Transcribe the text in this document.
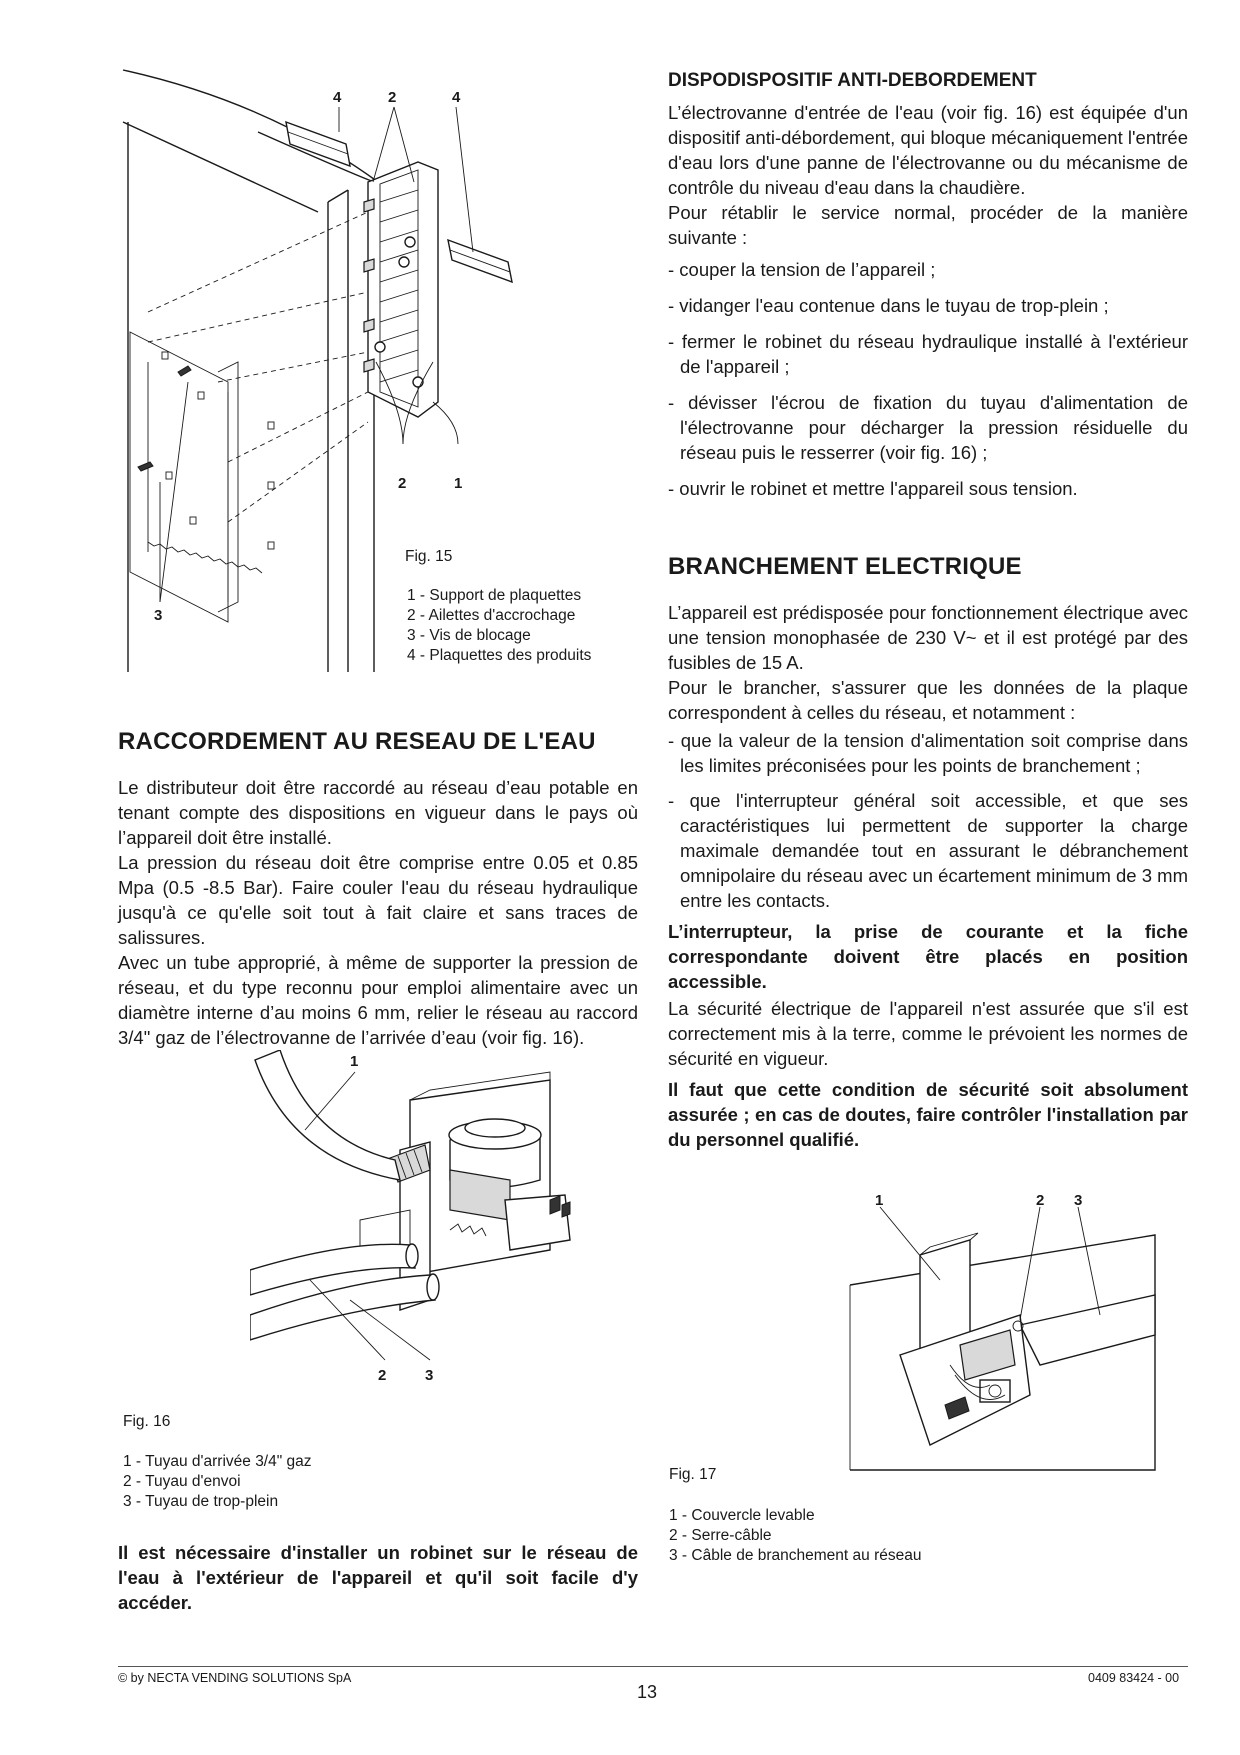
4	2	4
2	1
3
Fig. 15
1 - Support de plaquettes
2 - Ailettes d'accrochage
3 - Vis de blocage
4 - Plaquettes des produits
RACCORDEMENT AU RESEAU DE L'EAU

Le distributeur doit être raccordé au réseau d’eau potable en tenant compte des dispositions en vigueur dans le pays où l’appareil doit être installé.

La pression du réseau doit être comprise entre 0.05 et 0.85 Mpa (0.5 -8.5 Bar). Faire couler l'eau du réseau hydraulique jusqu'à ce qu'elle soit tout à fait claire et sans traces de salissures.

Avec un tube approprié, à même de supporter la pression de réseau, et du type reconnu pour emploi alimentaire avec un diamètre interne d’au moins 6 mm, relier le réseau au raccord 3/4" gaz de l’électrovanne de l’arrivée d’eau (voir fig. 16).

1
2	3
Fig. 16
1 - Tuyau d'arrivée 3/4" gaz
2 - Tuyau d'envoi
3 - Tuyau de trop-plein

Il est nécessaire d'installer un robinet sur le réseau de l'eau à l'extérieur de l'appareil et qu'il soit facile d'y accéder.

DISPODISPOSITIF ANTI-DEBORDEMENT

L’électrovanne d'entrée de l'eau (voir fig. 16) est équipée d'un dispositif anti-débordement, qui bloque mécaniquement l'entrée d'eau lors d'une panne de l'électrovanne ou du mécanisme de contrôle du niveau d'eau dans la chaudière.

Pour rétablir le service normal, procéder de la manière suivante :

- couper la tension de l’appareil ;

- vidanger l'eau contenue dans le tuyau de trop-plein ;

- fermer le robinet du réseau hydraulique installé à l'extérieur de l'appareil ;

- dévisser l'écrou de fixation du tuyau d'alimentation de l'électrovanne pour décharger la pression résiduelle du réseau puis le resserrer (voir fig. 16) ;

- ouvrir le robinet et mettre l'appareil sous tension.

BRANCHEMENT ELECTRIQUE

L’appareil est prédisposée pour fonctionnement électrique avec une tension monophasée de 230 V~ et il est protégé par des fusibles de 15 A.

Pour le brancher, s'assurer que les données de la plaque correspondent à celles du réseau, et notamment :

- que la valeur de la tension d'alimentation soit comprise dans les limites préconisées pour les points de branchement ;

- que l'interrupteur général soit accessible, et que ses caractéristiques lui permettent de supporter la charge maximale demandée tout en assurant le débranchement omnipolaire du réseau avec un écartement minimum de 3 mm entre les contacts.

L’interrupteur, la prise de courante et la fiche correspondante doivent être placés en position accessible.

La sécurité électrique de l'appareil n'est assurée que s'il est correctement mis à la terre, comme le prévoient les normes de sécurité en vigueur.

Il faut que cette condition de sécurité soit absolument assurée ; en cas de doutes, faire contrôler l'installation par du personnel qualifié.

1	2 3
Fig. 17
1 - Couvercle levable
2 - Serre-câble
3 - Câble de branchement au réseau
© by NECTA VENDING SOLUTIONS SpA
13
0409 83424 - 00
